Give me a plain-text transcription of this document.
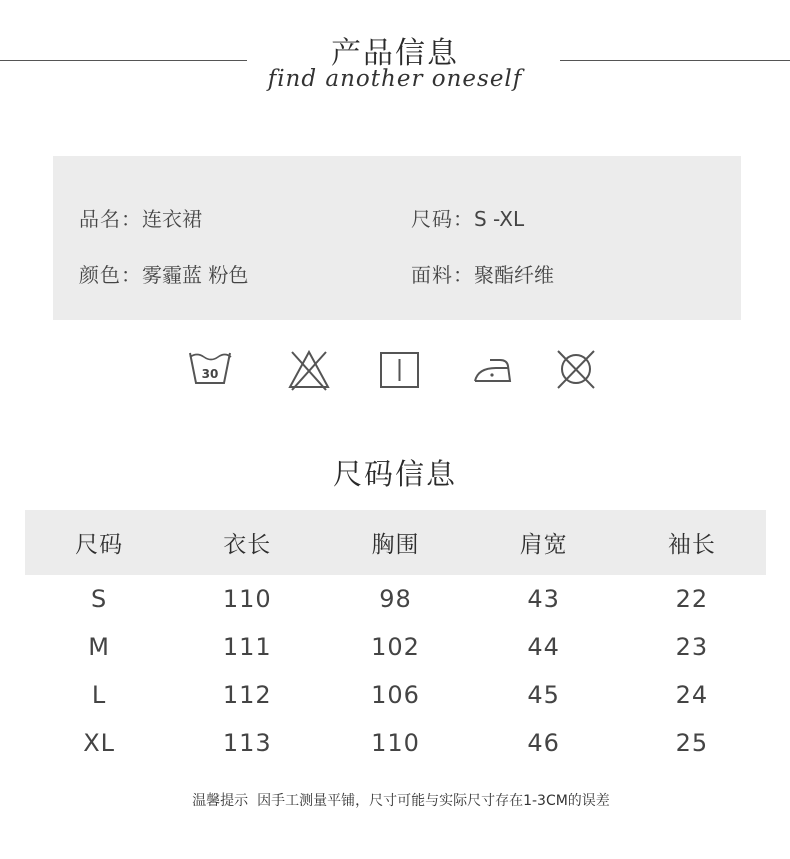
产品信息
find another oneself
品名：连衣裙	尺码：S -XL
颜色：雾霾蓝 粉色	面料：聚酯纤维
30
尺码信息
尺码	衣长	胸围	肩宽	袖长
S	110	98	43	22
M	111	102	44	23
L	112	106	45	24
XL	113	110	46	25
温馨提示  因手工测量平铺，尺寸可能与实际尺寸存在1-3CM的误差
